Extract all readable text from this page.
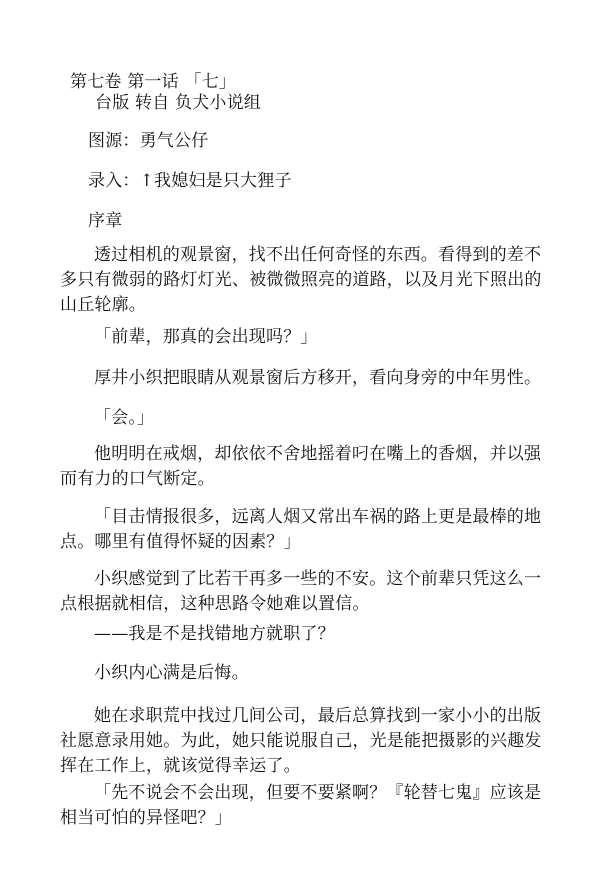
第七卷 第一话 「七」
台版 转自 负犬小说组
图源：勇气公仔
录入：↑我媳妇是只大狸子
序章
透过相机的观景窗，找不出任何奇怪的东西。看得到的差不多只有微弱的路灯灯光、被微微照亮的道路，以及月光下照出的山丘轮廓。
「前辈，那真的会出现吗？」
厚井小织把眼睛从观景窗后方移开，看向身旁的中年男性。
「会。」
他明明在戒烟，却依依不舍地摇着叼在嘴上的香烟，并以强而有力的口气断定。
「目击情报很多，远离人烟又常出车祸的路上更是最棒的地点。哪里有值得怀疑的因素？」
小织感觉到了比若干再多一些的不安。这个前辈只凭这么一点根据就相信，这种思路令她难以置信。
——我是不是找错地方就职了？
小织内心满是后悔。
她在求职荒中找过几间公司，最后总算找到一家小小的出版社愿意录用她。为此，她只能说服自己，光是能把摄影的兴趣发挥在工作上，就该觉得幸运了。
「先不说会不会出现，但要不要紧啊？『轮替七鬼』应该是相当可怕的异怪吧？」
